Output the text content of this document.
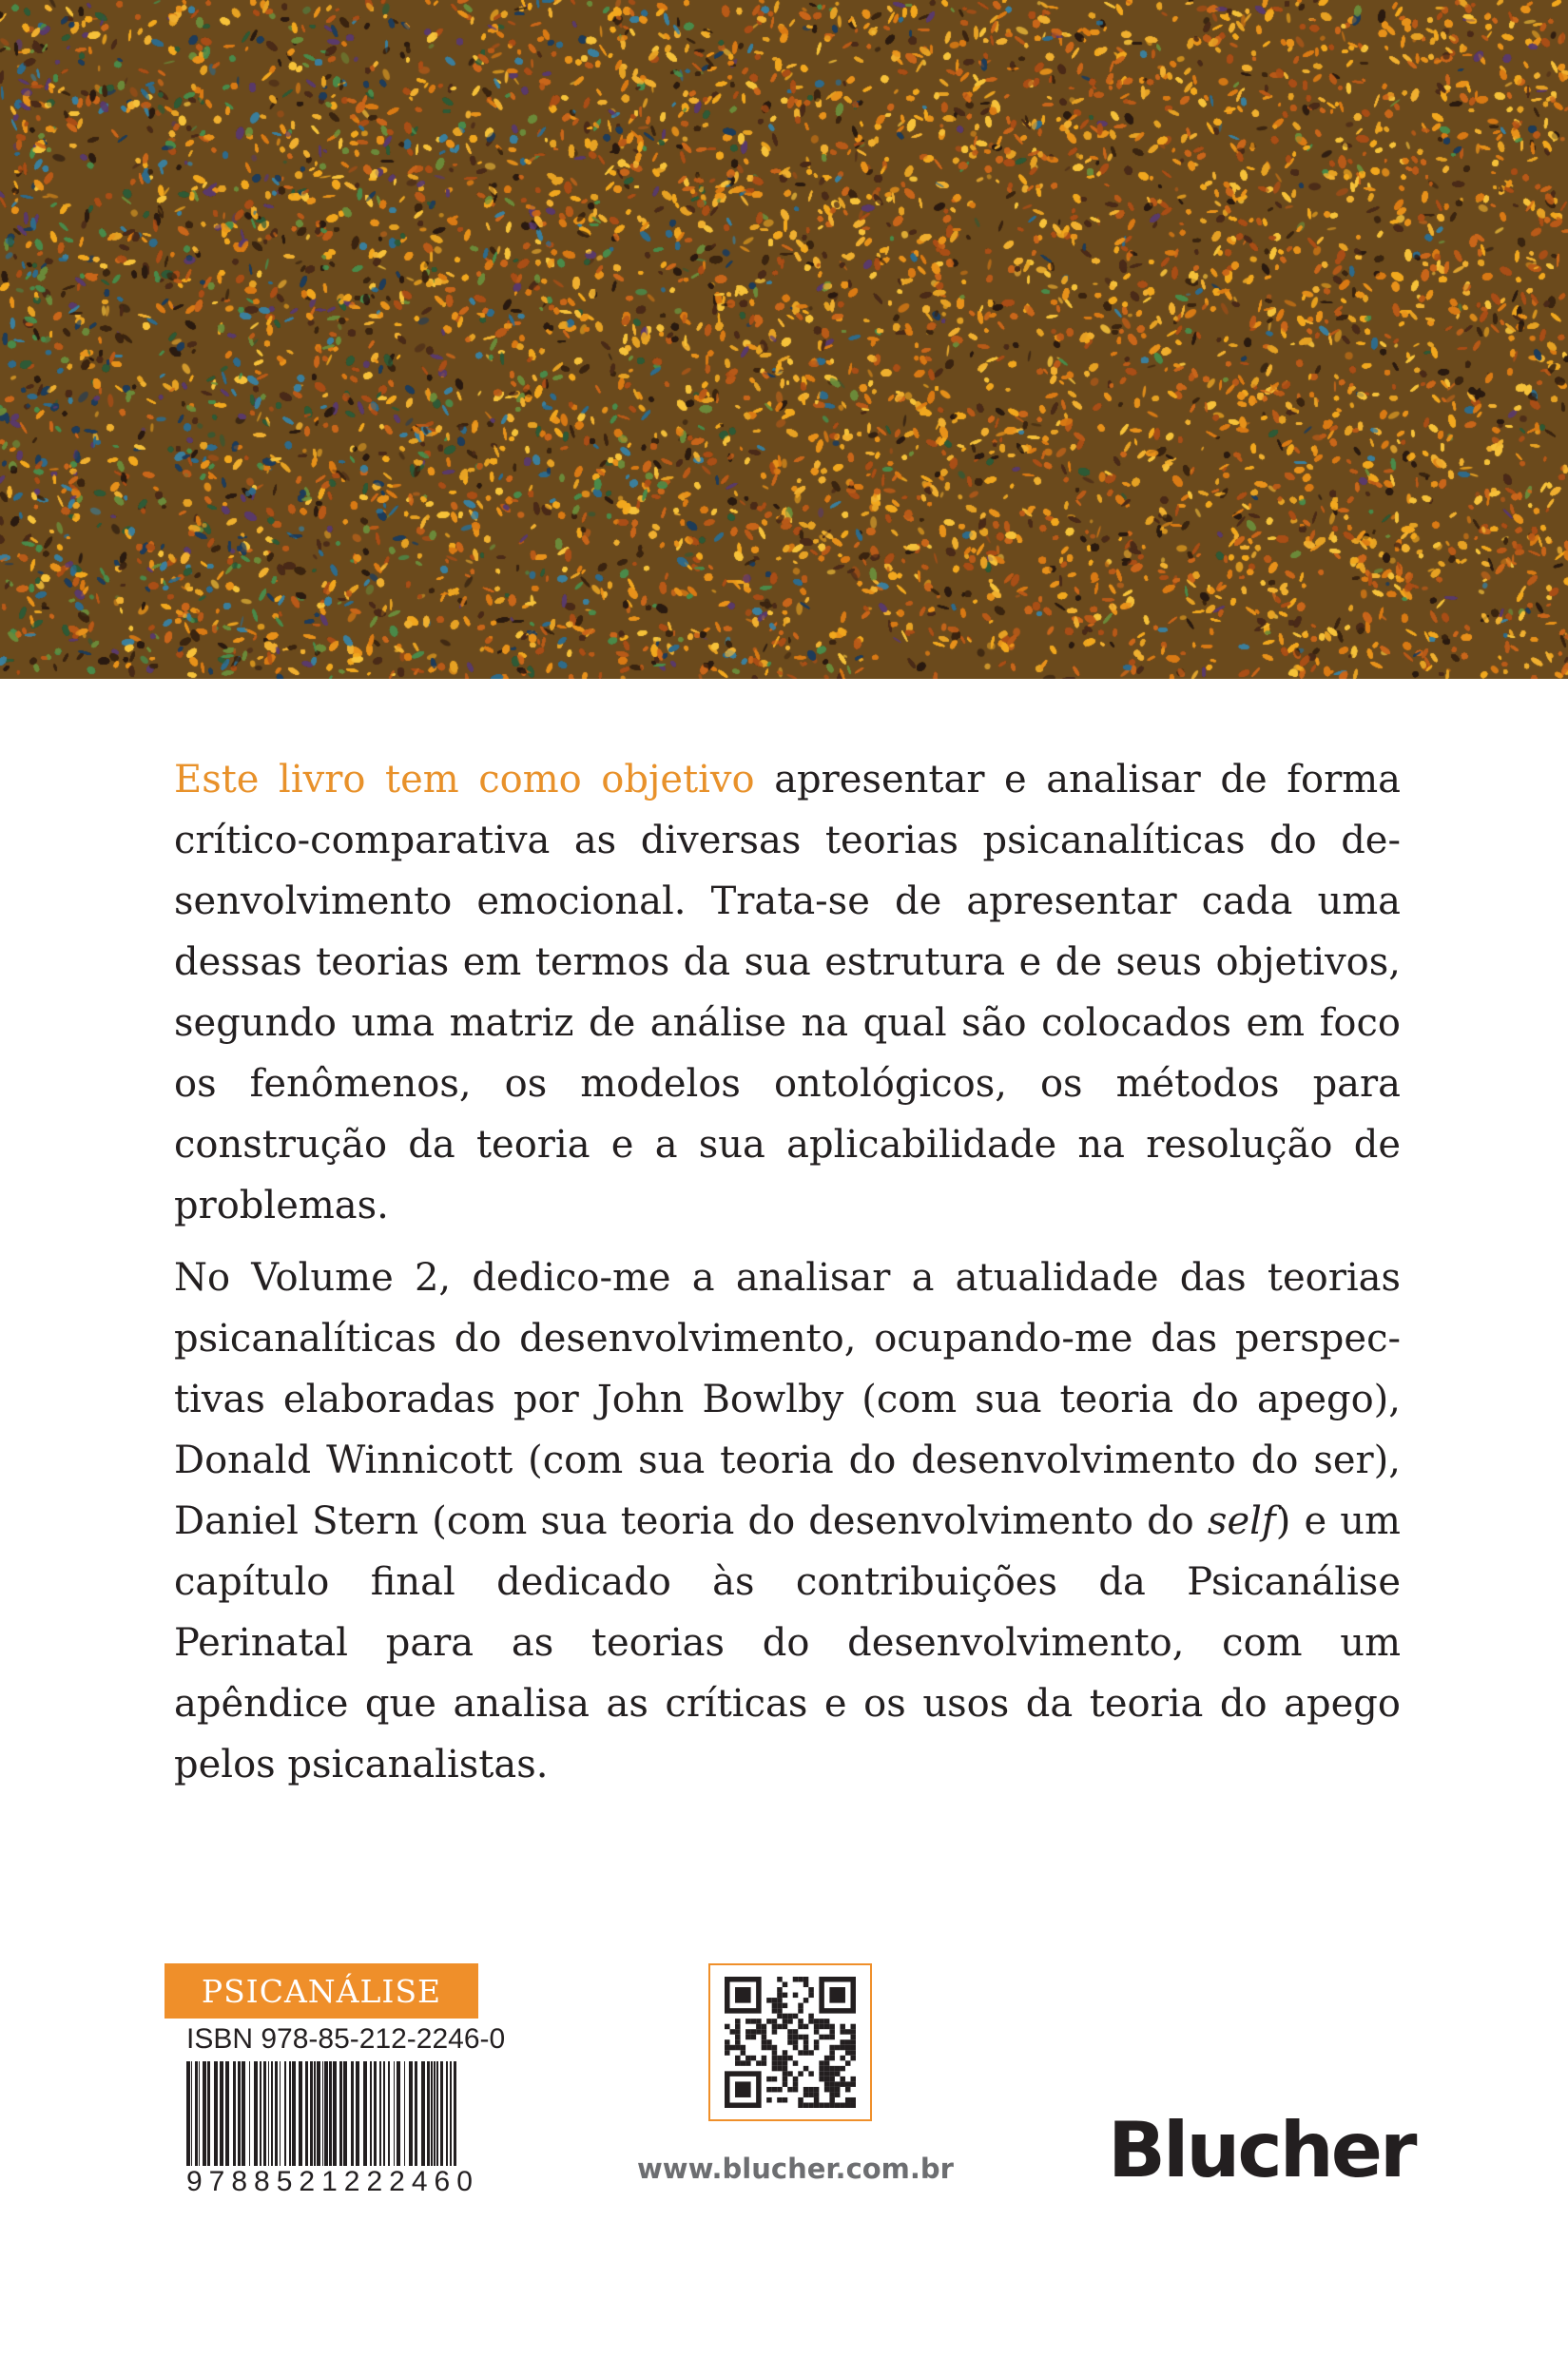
Este livro tem como objetivo apresentar e analisar de forma crítico-comparativa as diversas teorias psicanalíticas do desenvolvimento emocional. Trata-se de apresentar cada uma dessas teorias em termos da sua estrutura e de seus objetivos, segundo uma matriz de análise na qual são colocados em foco os fenômenos, os modelos ontológicos, os métodos para construção da teoria e a sua aplicabilidade na resolução de problemas.

No Volume 2, dedico-me a analisar a atualidade das teorias psicanalíticas do desenvolvimento, ocupando-me das perspectivas elaboradas por John Bowlby (com sua teoria do apego), Donald Winnicott (com sua teoria do desenvolvimento do ser), Daniel Stern (com sua teoria do desenvolvimento do self) e um capítulo final dedicado às contribuições da Psicanálise Perinatal para as teorias do desenvolvimento, com um apêndice que analisa as críticas e os usos da teoria do apego pelos psicanalistas.

PSICANÁLISE
ISBN 978-85-212-2246-0
9788521222460	www.blucher.com.br Blucher
